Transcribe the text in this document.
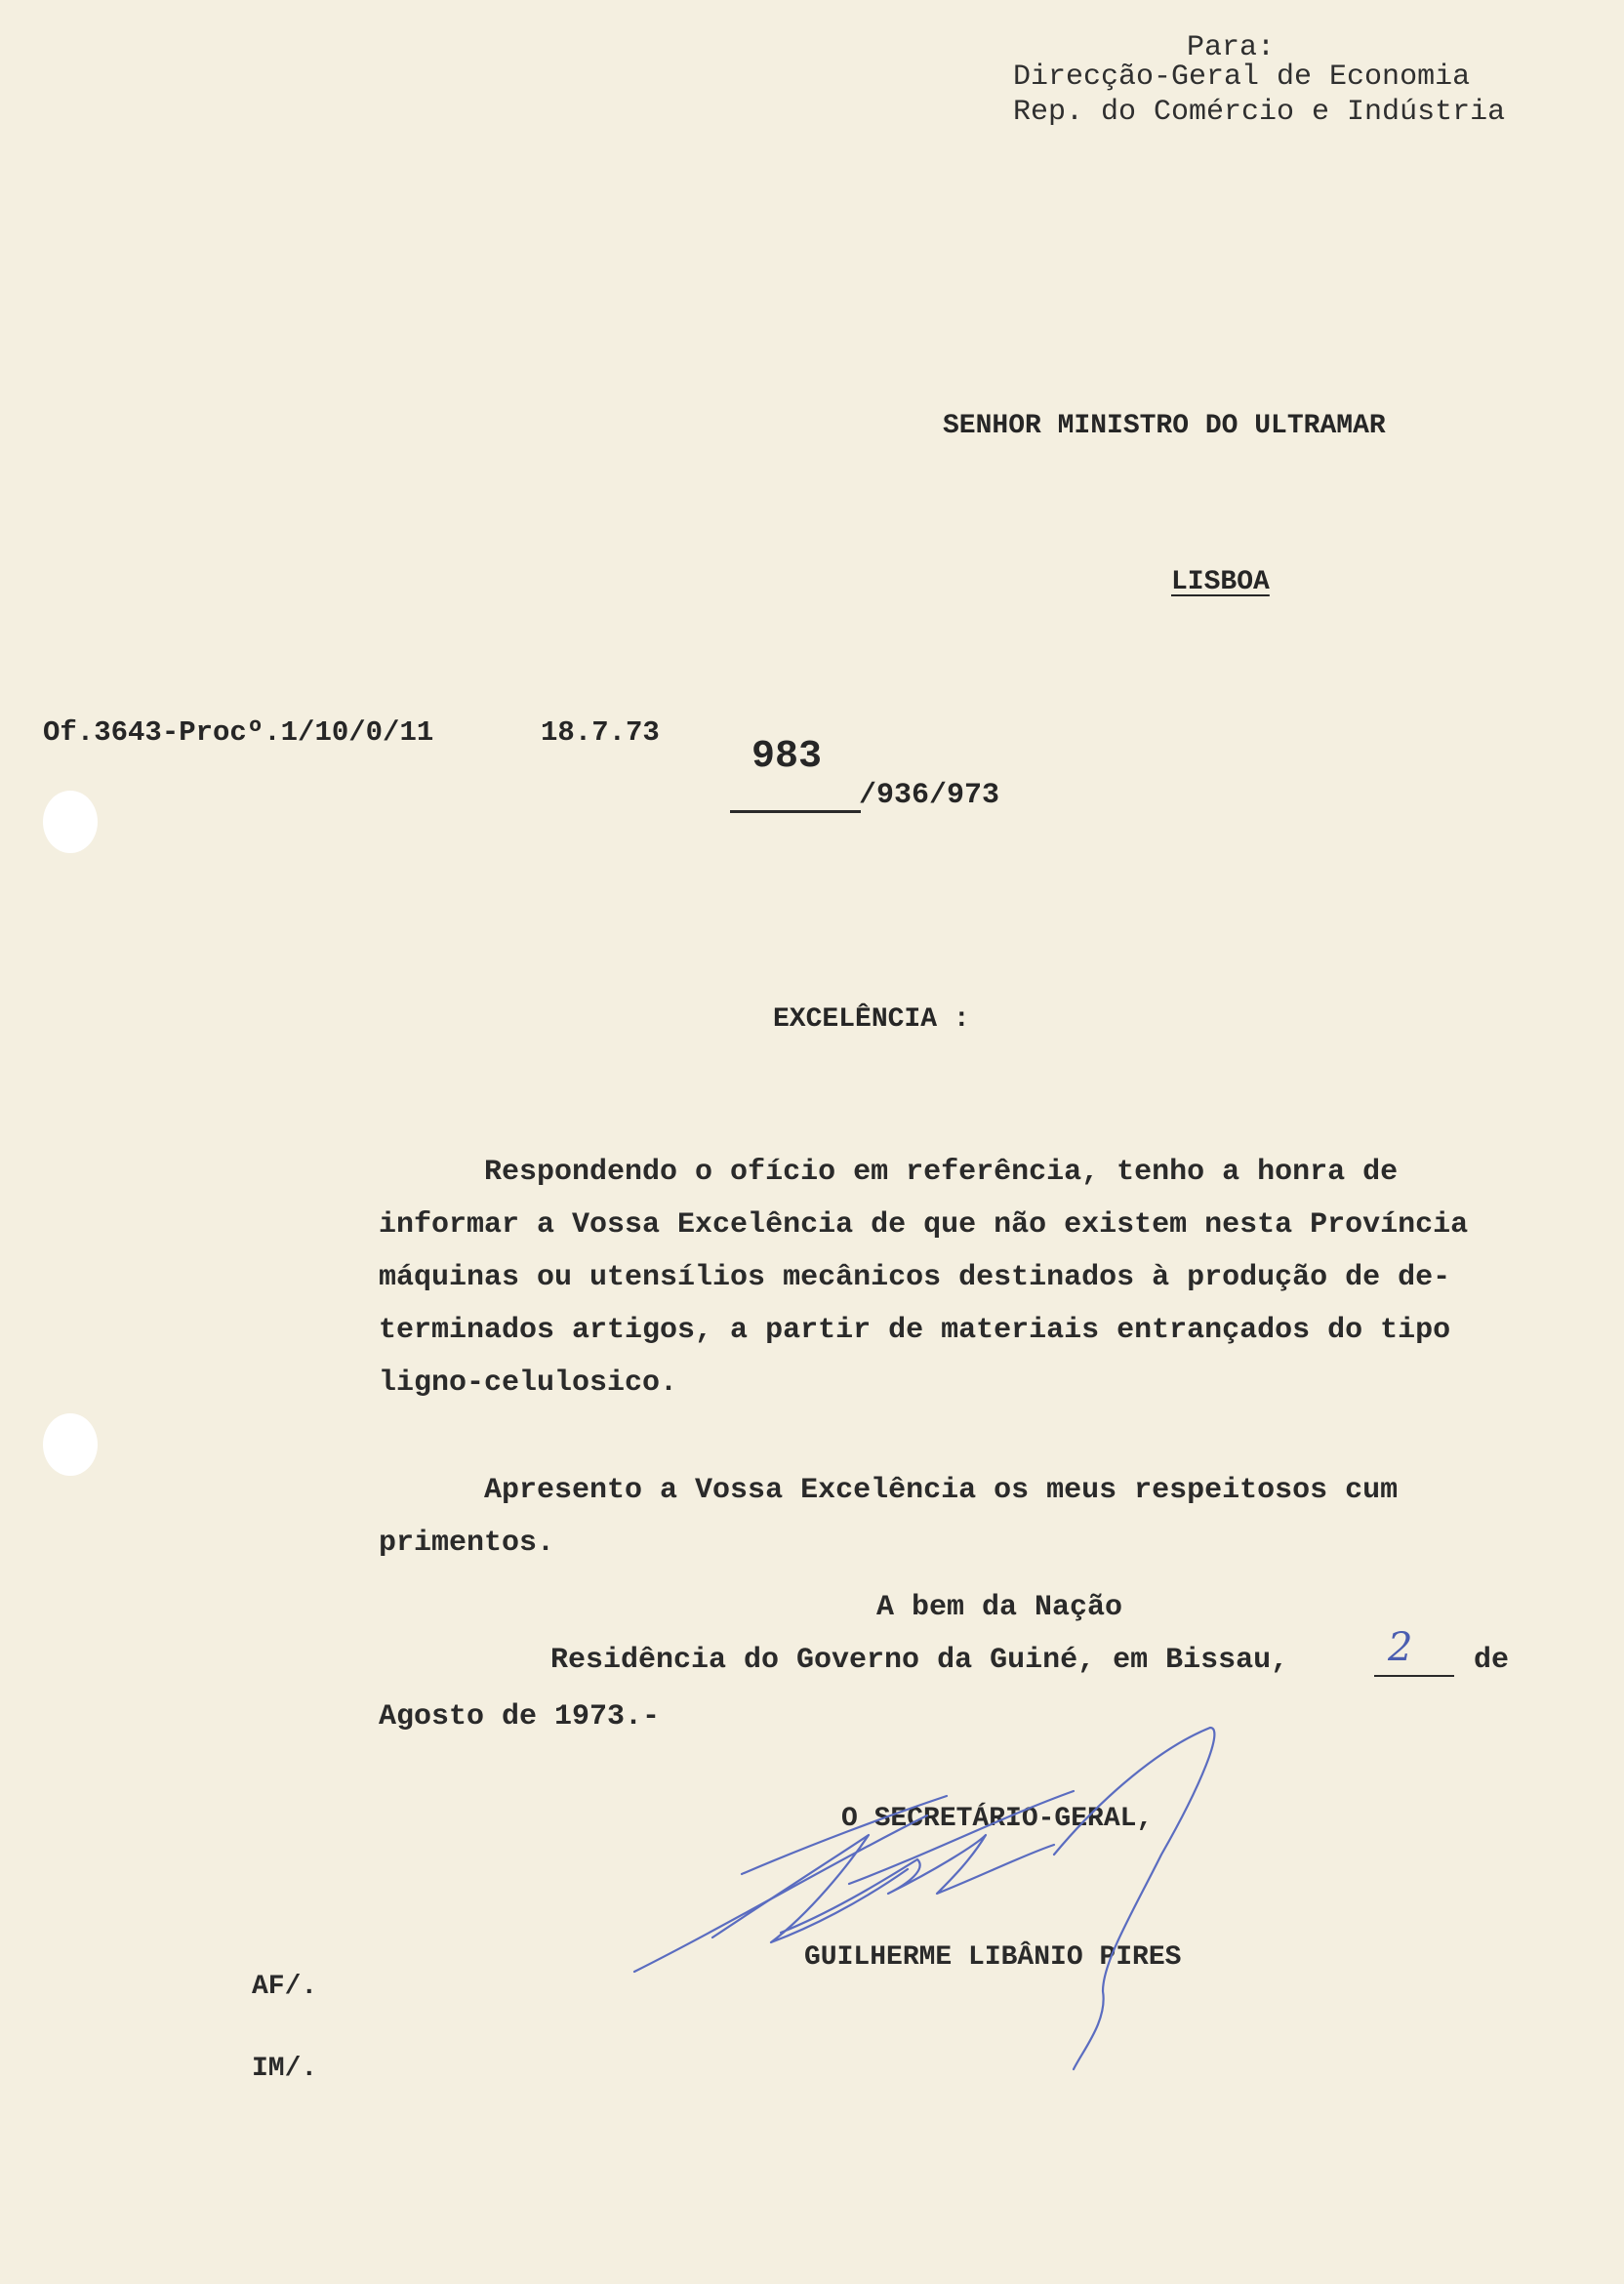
Para:
Direcção-Geral de Economia
Rep. do Comércio e Indústria
SENHOR MINISTRO DO ULTRAMAR
LISBOA
Of.3643-Procº.1/10/0/11	18.7.73
983
/936/973
EXCELÊNCIA :
Respondendo o ofício em referência, tenho a honra de
informar a Vossa Excelência de que não existem nesta Província
máquinas ou utensílios mecânicos destinados à produção de de-
terminados artigos, a partir de materiais entrançados do tipo
ligno-celulosico.
Apresento a Vossa Excelência os meus respeitosos cum
primentos.
A bem da Nação
Residência do Governo da Guiné, em Bissau,	2 de
Agosto de 1973.-
O SECRETÁRIO-GERAL,
GUILHERME LIBÂNIO PIRES
AF/.
IM/.
